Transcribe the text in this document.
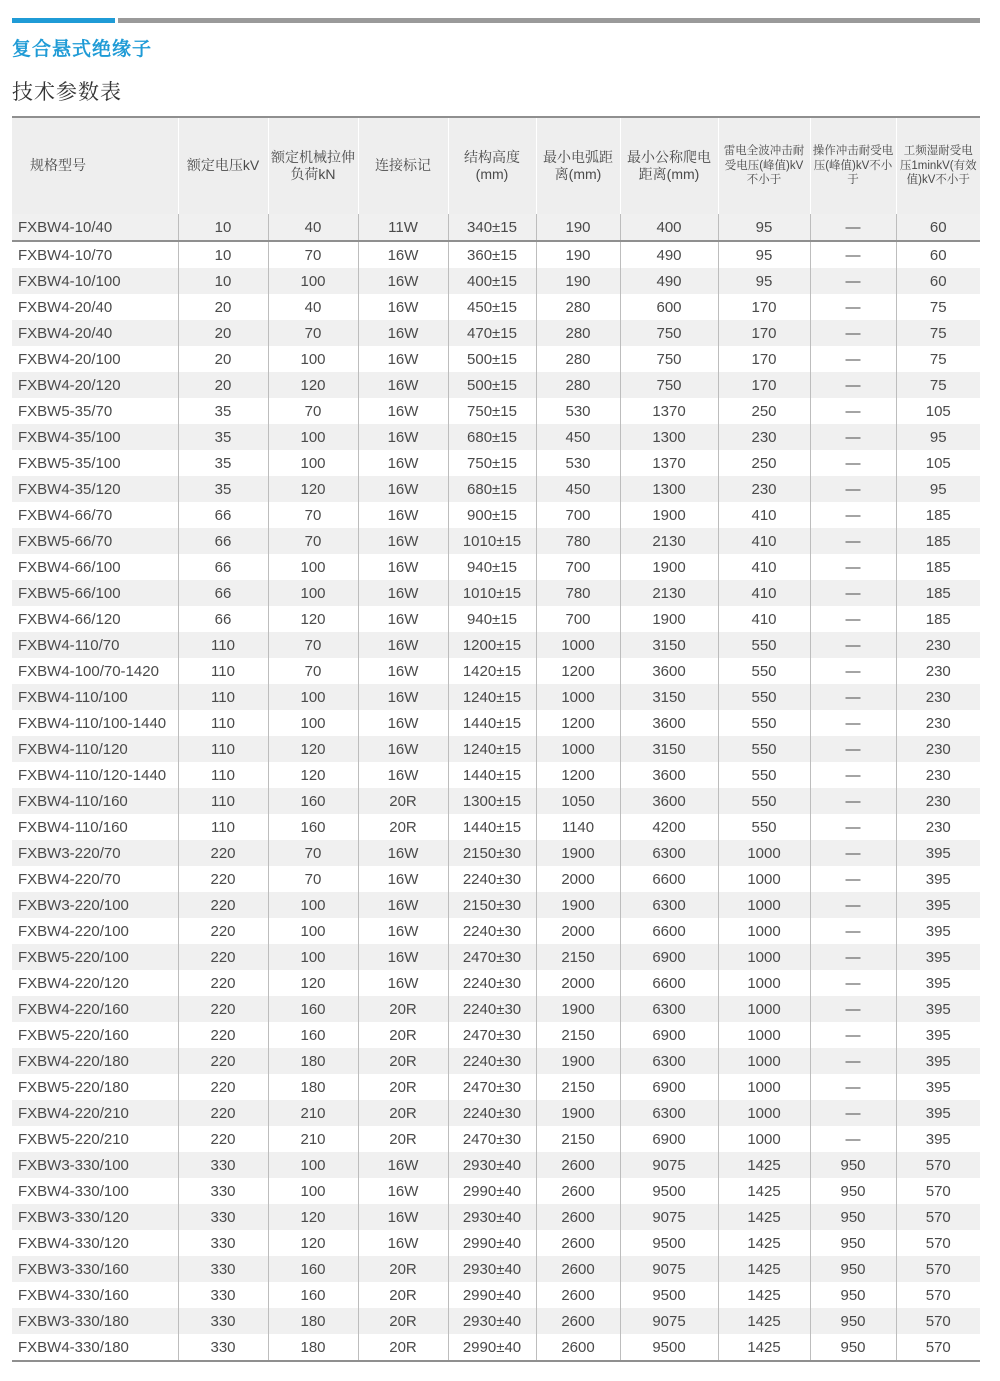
复合悬式绝缘子
技术参数表
规格型号	额定电压kV	额定机械拉伸负荷kN	连接标记	结构高度(mm)	最小电弧距离(mm)	最小公称爬电距离(mm)	雷电全波冲击耐受电压(峰值)kV不小于	操作冲击耐受电压(峰值)kV不小于	工频湿耐受电压1minkV(有效值)kV不小于
FXBW4-10/40	10	40	11W	340±15	190	400	95	—	60
FXBW4-10/70	10	70	16W	360±15	190	490	95	—	60
FXBW4-10/100	10	100	16W	400±15	190	490	95	—	60
FXBW4-20/40	20	40	16W	450±15	280	600	170	—	75
FXBW4-20/40	20	70	16W	470±15	280	750	170	—	75
FXBW4-20/100	20	100	16W	500±15	280	750	170	—	75
FXBW4-20/120	20	120	16W	500±15	280	750	170	—	75
FXBW5-35/70	35	70	16W	750±15	530	1370	250	—	105
FXBW4-35/100	35	100	16W	680±15	450	1300	230	—	95
FXBW5-35/100	35	100	16W	750±15	530	1370	250	—	105
FXBW4-35/120	35	120	16W	680±15	450	1300	230	—	95
FXBW4-66/70	66	70	16W	900±15	700	1900	410	—	185
FXBW5-66/70	66	70	16W	1010±15	780	2130	410	—	185
FXBW4-66/100	66	100	16W	940±15	700	1900	410	—	185
FXBW5-66/100	66	100	16W	1010±15	780	2130	410	—	185
FXBW4-66/120	66	120	16W	940±15	700	1900	410	—	185
FXBW4-110/70	110	70	16W	1200±15	1000	3150	550	—	230
FXBW4-100/70-1420	110	70	16W	1420±15	1200	3600	550	—	230
FXBW4-110/100	110	100	16W	1240±15	1000	3150	550	—	230
FXBW4-110/100-1440	110	100	16W	1440±15	1200	3600	550	—	230
FXBW4-110/120	110	120	16W	1240±15	1000	3150	550	—	230
FXBW4-110/120-1440	110	120	16W	1440±15	1200	3600	550	—	230
FXBW4-110/160	110	160	20R	1300±15	1050	3600	550	—	230
FXBW4-110/160	110	160	20R	1440±15	1140	4200	550	—	230
FXBW3-220/70	220	70	16W	2150±30	1900	6300	1000	—	395
FXBW4-220/70	220	70	16W	2240±30	2000	6600	1000	—	395
FXBW3-220/100	220	100	16W	2150±30	1900	6300	1000	—	395
FXBW4-220/100	220	100	16W	2240±30	2000	6600	1000	—	395
FXBW5-220/100	220	100	16W	2470±30	2150	6900	1000	—	395
FXBW4-220/120	220	120	16W	2240±30	2000	6600	1000	—	395
FXBW4-220/160	220	160	20R	2240±30	1900	6300	1000	—	395
FXBW5-220/160	220	160	20R	2470±30	2150	6900	1000	—	395
FXBW4-220/180	220	180	20R	2240±30	1900	6300	1000	—	395
FXBW5-220/180	220	180	20R	2470±30	2150	6900	1000	—	395
FXBW4-220/210	220	210	20R	2240±30	1900	6300	1000	—	395
FXBW5-220/210	220	210	20R	2470±30	2150	6900	1000	—	395
FXBW3-330/100	330	100	16W	2930±40	2600	9075	1425	950	570
FXBW4-330/100	330	100	16W	2990±40	2600	9500	1425	950	570
FXBW3-330/120	330	120	16W	2930±40	2600	9075	1425	950	570
FXBW4-330/120	330	120	16W	2990±40	2600	9500	1425	950	570
FXBW3-330/160	330	160	20R	2930±40	2600	9075	1425	950	570
FXBW4-330/160	330	160	20R	2990±40	2600	9500	1425	950	570
FXBW3-330/180	330	180	20R	2930±40	2600	9075	1425	950	570
FXBW4-330/180	330	180	20R	2990±40	2600	9500	1425	950	570
